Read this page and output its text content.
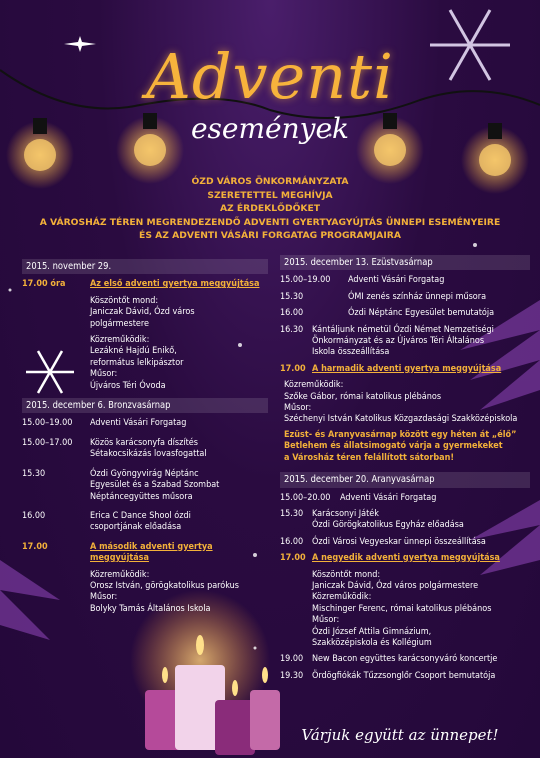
Adventi
események
ÓZD VÁROS ÖNKORMÁNYZATA
SZERETETTEL MEGHÍVJA
AZ ÉRDEKLŐDŐKET
A VÁROSHÁZ TÉREN MEGRENDEZENDŐ ADVENTI GYERTYAGYÚJTÁS ÜNNEPI ESEMÉNYEIRE
ÉS AZ ADVENTI VÁSÁRI FORGATAG PROGRAMJAIRA
2015. november 29.
17.00 óra	Az első adventi gyertya meggyújtása
Köszöntőt mond:
Janiczak Dávid, Ózd város
polgármestere
Közreműködik:
Lezákné Hajdú Enikő,
református lelkipásztor
Műsor:
Újváros Téri Óvoda
2015. december 6. Bronzvasárnap
15.00–19.00	Adventi Vásári Forgatag
15.00–17.00	Közös karácsonyfa díszítés
Sétakocsikázás lovasfogattal
15.30	Ózdi Gyöngyvirág Néptánc
Egyesület és a Szabad Szombat
Néptáncegyüttes műsora
16.00	Erica C Dance Shool ózdi
csoportjának előadása
17.00	A második adventi gyertya
meggyújtása
Közreműködik:
Orosz István, görögkatolikus parókus
Műsor:
Bolyky Tamás Általános Iskola
2015. december 13. Ezüstvasárnap
15.00–19.00	Adventi Vásári Forgatag
15.30	ÓMI zenés színház ünnepi műsora
16.00	Ózdi Néptánc Egyesület bemutatója
16.30 Kántáljunk németül Ózdi Német Nemzetiségi
Önkormányzat és az Újváros Téri Általános
Iskola összeállítása
17.00 A harmadik adventi gyertya meggyújtása
Közreműködik:
Szőke Gábor, római katolikus plébános
Műsor:
Széchenyi István Katolikus Közgazdasági Szakközépiskola
Ezüst- és Aranyvasárnap között egy héten át „élő”
Betlehem és állatsimogató várja a gyermekeket
a Városház téren felállított sátorban!
2015. december 20. Aranyvasárnap
15.00–20.00	Adventi Vásári Forgatag
15.30 Karácsonyi Játék
Ózdi Görögkatolikus Egyház előadása
16.00 Ózdi Városi Vegyeskar ünnepi összeállítása
17.00 A negyedik adventi gyertya meggyújtása
Köszöntőt mond:
Janiczak Dávid, Ózd város polgármestere
Közreműködik:
Mischinger Ferenc, római katolikus plébános
Műsor:
Ózdi József Attila Gimnázium,
Szakközépiskola és Kollégium
19.00 New Bacon együttes karácsonyváró koncertje
19.30 Ördögfiókák Tűzzsonglőr Csoport bemutatója
Várjuk együtt az ünnepet!
